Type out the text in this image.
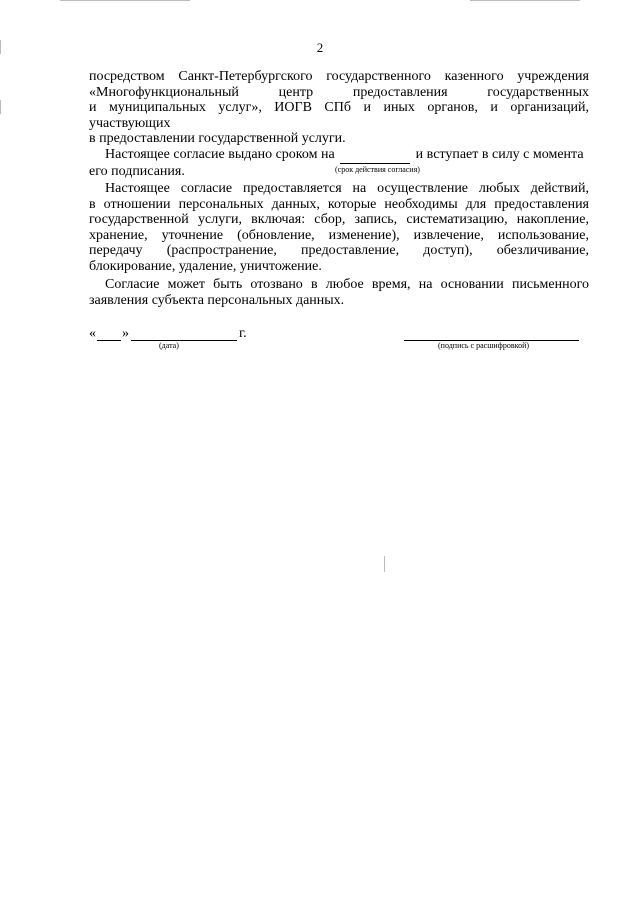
2
посредством Санкт-Петербургского государственного казенного учреждения
«Многофункциональный центр предоставления государственных
и муниципальных услуг», ИОГВ СПб и иных органов, и организаций,
участвующих
в предоставлении государственной услуги.
Настоящее согласие выдано сроком на	и вступает в силу с момента
его подписания.	(срок действия согласия)
Настоящее согласие предоставляется на осуществление любых действий,
в отношении персональных данных, которые необходимы для предоставления
государственной услуги, включая: сбор, запись, систематизацию, накопление,
хранение, уточнение (обновление, изменение), извлечение, использование,
передачу (распространение, предоставление, доступ), обезличивание,
блокирование, удаление, уничтожение.
Согласие может быть отозвано в любое время, на основании письменного
заявления субъекта персональных данных.
« »	г.
(дата)	(подпись с расшифровкой)
